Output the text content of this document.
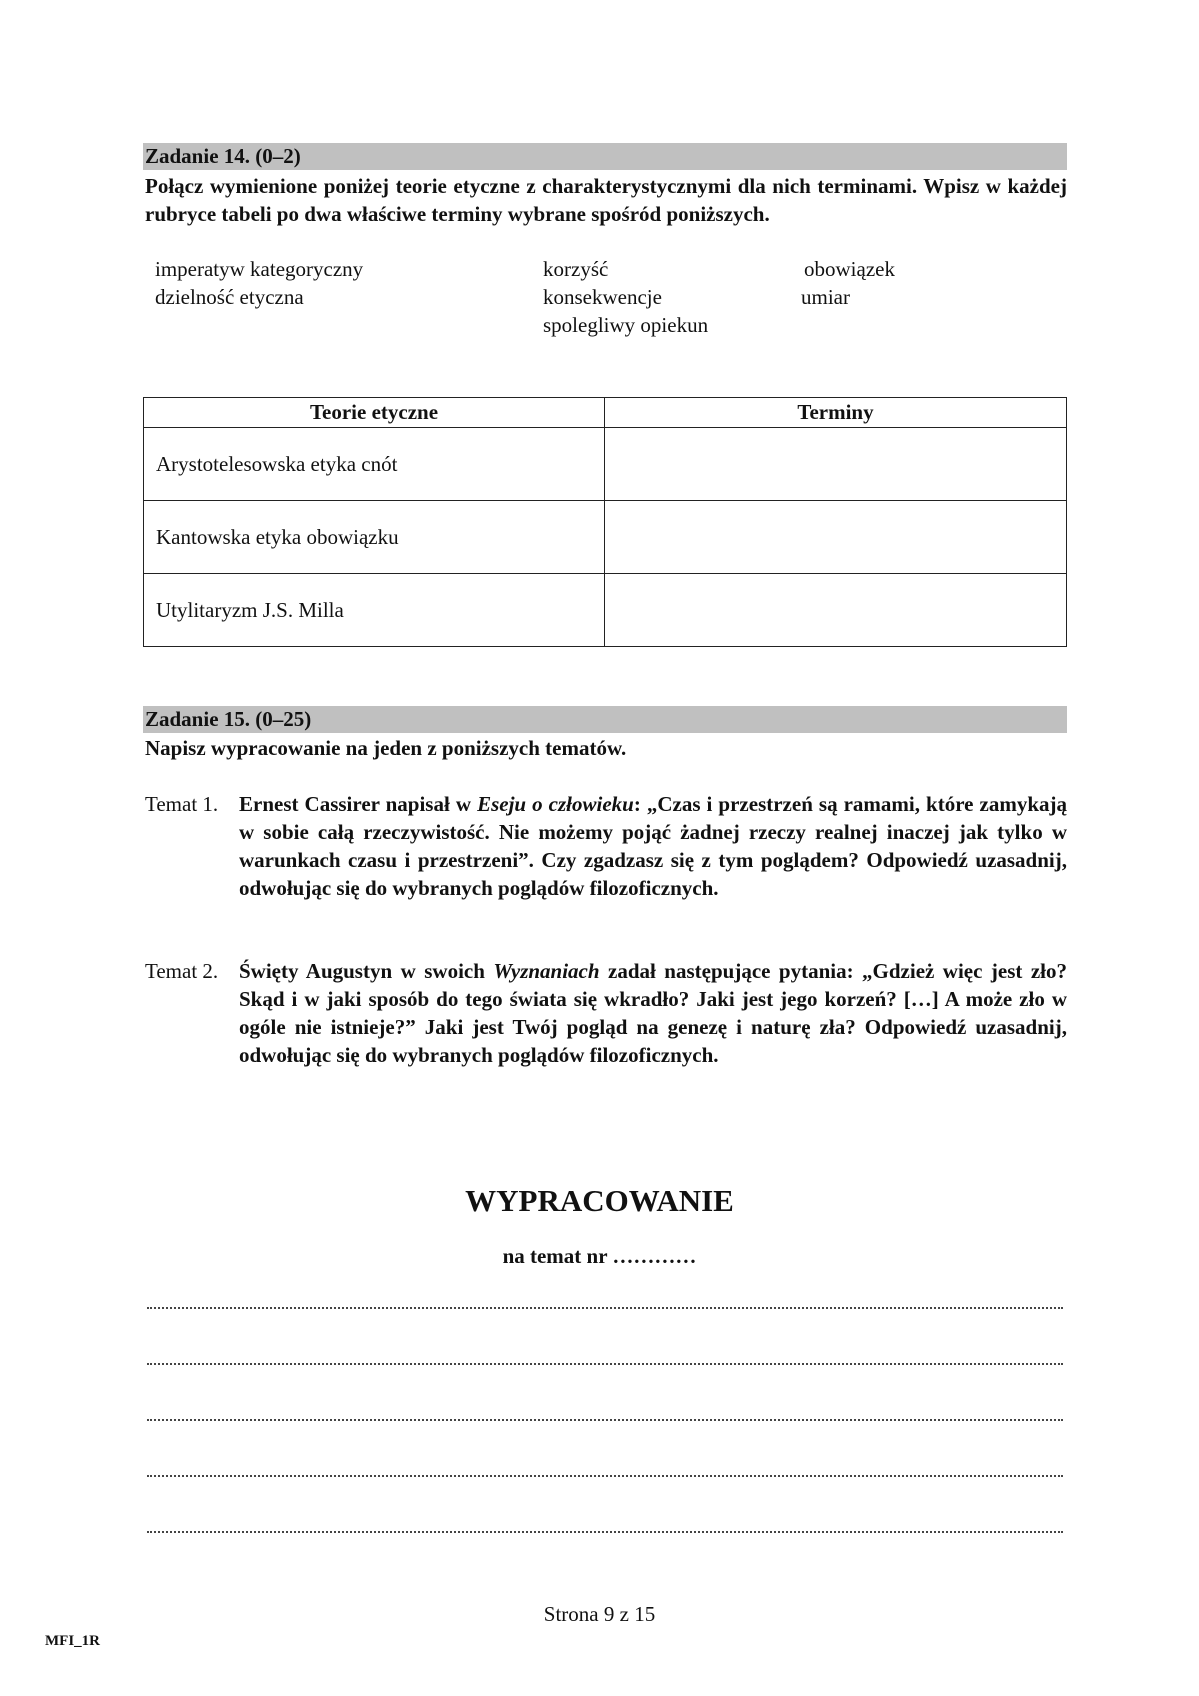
Zadanie 14. (0–2)
Połącz wymienione poniżej teorie etyczne z charakterystycznymi dla nich terminami. Wpisz w każdej rubryce tabeli po dwa właściwe terminy wybrane spośród poniższych.
imperatyw kategoryczny
dzielność etyczna
korzyść
konsekwencje
spolegliwy opiekun
obowiązek
umiar
Teorie etyczne	Terminy
Arystotelesowska etyka cnót	
Kantowska etyka obowiązku	
Utylitaryzm J.S. Milla	
Zadanie 15. (0–25)
Napisz wypracowanie na jeden z poniższych tematów.
Temat 1. Ernest Cassirer napisał w Eseju o człowieku: „Czas i przestrzeń są ramami, które zamykają w sobie całą rzeczywistość. Nie możemy pojąć żadnej rzeczy realnej inaczej jak tylko w warunkach czasu i przestrzeni”. Czy zgadzasz się z tym poglądem? Odpowiedź uzasadnij, odwołując się do wybranych poglądów filozoficznych.
Temat 2. Święty Augustyn w swoich Wyznaniach zadał następujące pytania: „Gdzież więc jest zło? Skąd i w jaki sposób do tego świata się wkradło? Jaki jest jego korzeń? […] A może zło w ogóle nie istnieje?” Jaki jest Twój pogląd na genezę i naturę zła? Odpowiedź uzasadnij, odwołując się do wybranych poglądów filozoficznych.
WYPRACOWANIE
na temat nr …………
Strona 9 z 15
MFI_1R
